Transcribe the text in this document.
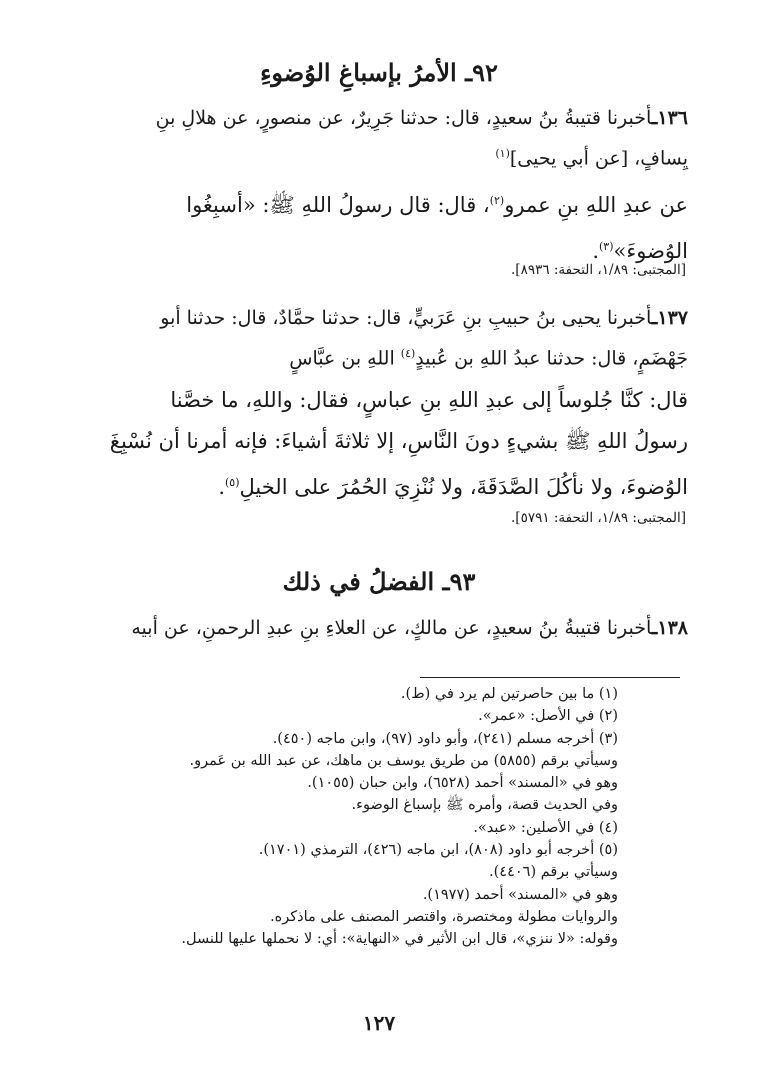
٩٢ـ الأمرُ بإسباغِ الوُضوءِ
١٣٦ـأخبرنا قتيبةُ بنُ سعيدٍ، قال: حدثنا جَرِيرٌ، عن منصورٍ، عن هلالِ بنِ
يِسافٍ، [عن أبي يحيى]$^{(١)}$
عن عبدِ اللهِ بنِ عمرو$^{(٢)}$، قال: قال رسولُ اللهِ ﷺ: «أسبِغُوا
الوُضوءَ»$^{(٣)}$.
[المجتبى: ١/٨٩، التحفة: ٨٩٣٦].
١٣٧ـأخبرنا يحيى بنُ حبيبِ بنِ عَرَبيٍّ، قال: حدثنا حمَّادٌ، قال: حدثنا أبو
جَهْضَمٍ، قال: حدثنا عبدُ اللهِ بن عُبيدٍ$^{(٤)}$ اللهِ بن عبَّاسٍ
قال: كنَّا جُلوساً إلى عبدِ اللهِ بنِ عباسٍ، فقال: واللهِ، ما خصَّنا
رسولُ اللهِ ﷺ بشيءٍ دونَ النَّاسِ، إلا ثلاثةَ أشياءَ: فإنه أمرنا أن نُسْبِغَ
الوُضوءَ، ولا نأكُلَ الصَّدَقَةَ، ولا نُنْزِيَ الحُمُرَ على الخيلِ$^{(٥)}$.
[المجتبى: ١/٨٩، التحفة: ٥٧٩١].
٩٣ـ الفضلُ في ذلك
١٣٨ـأخبرنا قتيبةُ بنُ سعيدٍ، عن مالكٍ، عن العلاءِ بنِ عبدِ الرحمنِ، عن أبيه
(١) ما بين حاصرتين لم يرد في (ط).
(٢) في الأصل: «عمر».
(٣) أخرجه مسلم (٢٤١)، وأبو داود (٩٧)، وابن ماجه (٤٥٠).
وسيأتي برقم (٥٨٥٥) من طريق يوسف بن ماهك، عن عبد الله بن عَمرو.
وهو في «المسند» أحمد (٦٥٢٨)، وابن حبان (١٠٥٥).
وفي الحديث قصة، وأمره ﷺ بإسباغ الوضوء.
(٤) في الأصلين: «عبد».
(٥) أخرجه أبو داود (٨٠٨)، ابن ماجه (٤٢٦)، الترمذي (١٧٠١).
وسيأتي برقم (٤٤٠٦).
وهو في «المسند» أحمد (١٩٧٧).
والروايات مطولة ومختصرة، واقتصر المصنف على ماذكره.
وقوله: «لا ننزي»، قال ابن الأثير في «النهاية»: أي: لا نحملها عليها للنسل.
١٢٧
